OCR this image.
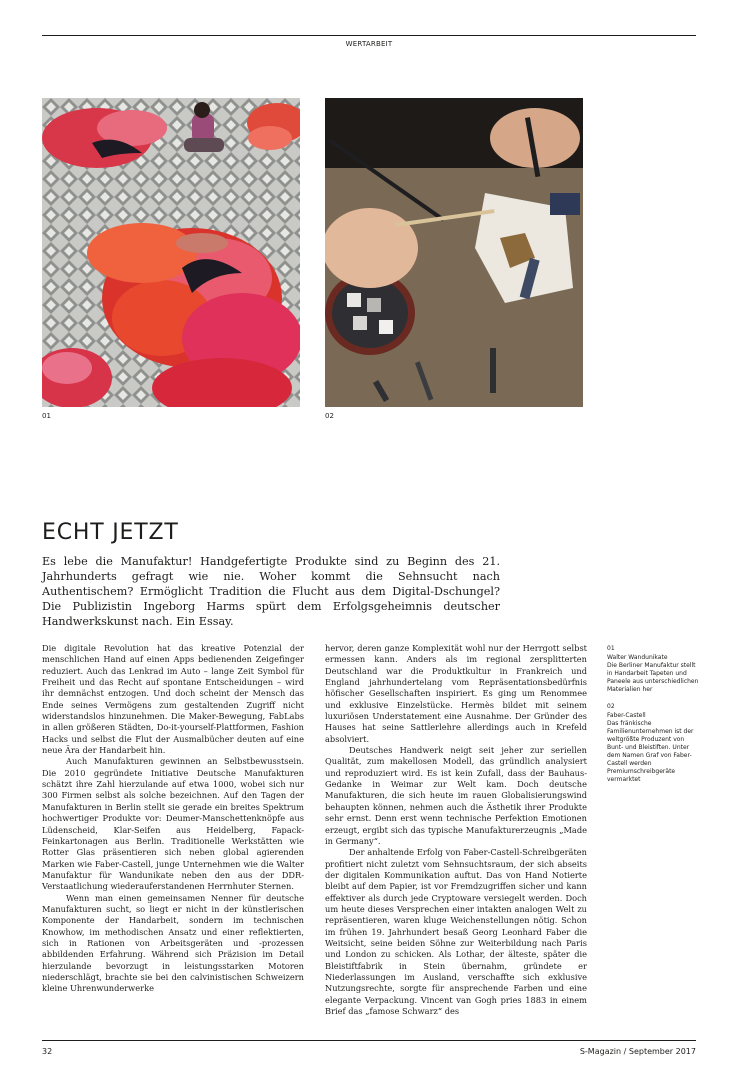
WERTARBEIT
01	02
ECHT JETZT

Es lebe die Manufaktur! Handgefertigte Produkte sind zu Beginn des 21. Jahrhunderts gefragt wie nie. Woher kommt die Sehnsucht nach Authentischem? Ermöglicht Tradition die Flucht aus dem Digital-Dschungel? Die Publizistin Ingeborg Harms spürt dem Erfolgsgeheimnis deutscher Handwerkskunst nach. Ein Essay.

Die digitale Revolution hat das kreative Potenzial der menschlichen Hand auf einen Apps bedienenden Zeigefinger reduziert. Auch das Lenkrad im Auto – lange Zeit Symbol für Freiheit und das Recht auf spontane Entscheidungen – wird ihr demnächst entzogen. Und doch scheint der Mensch das Ende seines Vermögens zum gestaltenden Zugriff nicht widerstandslos hinzunehmen. Die Maker-Bewegung, FabLabs in allen größeren Städten, Do-it-yourself-Plattformen, Fashion Hacks und selbst die Flut der Ausmalbücher deuten auf eine neue Ära der Handarbeit hin.

Auch Manufakturen gewinnen an Selbstbewusstsein. Die 2010 gegründete Initiative Deutsche Manufakturen schätzt ihre Zahl hierzulande auf etwa 1000, wobei sich nur 300 Firmen selbst als solche bezeichnen. Auf den Tagen der Manufakturen in Berlin stellt sie gerade ein breites Spektrum hochwertiger Produkte vor: Deumer-Manschettenknöpfe aus Lüdenscheid, Klar-Seifen aus Heidelberg, Fapack-Feinkartonagen aus Berlin. Traditionelle Werkstätten wie Rotter Glas präsentieren sich neben global agierenden Marken wie Faber-Castell, junge Unternehmen wie die Walter Manufaktur für Wandunikate neben den aus der DDR-Verstaatlichung wiederauferstandenen Herrnhuter Sternen.

Wenn man einen gemeinsamen Nenner für deutsche Manufakturen sucht, so liegt er nicht in der künstlerischen Komponente der Handarbeit, sondern im technischen Knowhow, im methodischen Ansatz und einer reflektierten, sich in Rationen von Arbeitsgeräten und -prozessen abbildenden Erfahrung. Während sich Präzision im Detail hierzulande bevorzugt in leistungsstarken Motoren niederschlägt, brachte sie bei den calvinistischen Schweizern kleine Uhrenwunderwerke

hervor, deren ganze Komplexität wohl nur der Herrgott selbst ermessen kann. Anders als im regional zersplitterten Deutschland war die Produktkultur in Frankreich und England jahrhundertelang vom Repräsentationsbedürfnis höfischer Gesellschaften inspiriert. Es ging um Renommee und exklusive Einzelstücke. Hermès bildet mit seinem luxuriösen Understatement eine Ausnahme. Der Gründer des Hauses hat seine Sattlerlehre allerdings auch in Krefeld absolviert.

Deutsches Handwerk neigt seit jeher zur seriellen Qualität, zum makellosen Modell, das gründlich analysiert und reproduziert wird. Es ist kein Zufall, dass der Bauhaus-Gedanke in Weimar zur Welt kam. Doch deutsche Manufakturen, die sich heute im rauen Globalisierungswind behaupten können, nehmen auch die Ästhetik ihrer Produkte sehr ernst. Denn erst wenn technische Perfektion Emotionen erzeugt, ergibt sich das typische Manufakturerzeugnis „Made in Germany“.

Der anhaltende Erfolg von Faber-Castell-Schreibgeräten profitiert nicht zuletzt vom Sehnsuchtsraum, der sich abseits der digitalen Kommunikation auftut. Das von Hand Notierte bleibt auf dem Papier, ist vor Fremdzugriffen sicher und kann effektiver als durch jede Cryptoware versiegelt werden. Doch um heute dieses Versprechen einer intakten analogen Welt zu repräsentieren, waren kluge Weichenstellungen nötig. Schon im frühen 19. Jahrhundert besaß Georg Leonhard Faber die Weitsicht, seine beiden Söhne zur Weiterbildung nach Paris und London zu schicken. Als Lothar, der älteste, später die Bleistiftfabrik in Stein übernahm, gründete er Niederlassungen im Ausland, verschaffte sich exklusive Nutzungsrechte, sorgte für ansprechende Farben und eine elegante Verpackung. Vincent van Gogh pries 1883 in einem Brief das „famose Schwarz“ des

01
Walter Wandunikate
Die Berliner Manufaktur stellt in Handarbeit Tapeten und Paneele aus unterschiedlichen Materialien her
02
Faber-Castell
Das fränkische Familienunternehmen ist der weltgrößte Produzent von Bunt- und Bleistiften. Unter dem Namen Graf von Faber-Castell werden Premiumschreibgeräte vermarktet
32	S-Magazin / September 2017
